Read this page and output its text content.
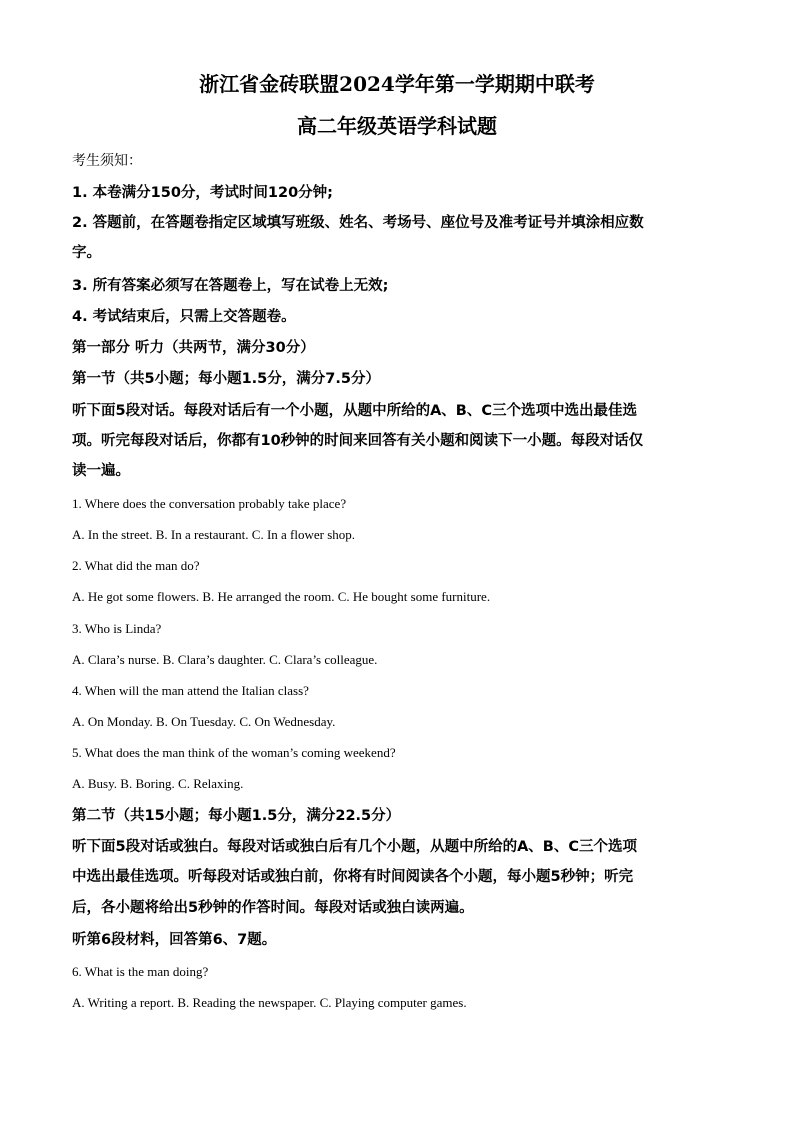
浙江省金砖联盟2024学年第一学期期中联考
高二年级英语学科试题
考生须知：
1. 本卷满分150分，考试时间120分钟;
2. 答题前，在答题卷指定区域填写班级、姓名、考场号、座位号及准考证号并填涂相应数
字。
3. 所有答案必须写在答题卷上，写在试卷上无效;
4. 考试结束后，只需上交答题卷。
第一部分 听力（共两节，满分30分）
第一节（共5小题；每小题1.5分，满分7.5分）
听下面5段对话。每段对话后有一个小题，从题中所给的A、B、C三个选项中选出最佳选
项。听完每段对话后，你都有10秒钟的时间来回答有关小题和阅读下一小题。每段对话仅
读一遍。
1. Where does the conversation probably take place?
A. In the street. B. In a restaurant. C. In a flower shop.
2. What did the man do?
A. He got some flowers. B. He arranged the room. C. He bought some furniture.
3. Who is Linda?
A. Clara’s nurse. B. Clara’s daughter. C. Clara’s colleague.
4. When will the man attend the Italian class?
A. On Monday. B. On Tuesday. C. On Wednesday.
5. What does the man think of the woman’s coming weekend?
A. Busy. B. Boring. C. Relaxing.
第二节（共15小题；每小题1.5分，满分22.5分）
听下面5段对话或独白。每段对话或独白后有几个小题，从题中所给的A、B、C三个选项
中选出最佳选项。听每段对话或独白前，你将有时间阅读各个小题，每小题5秒钟；听完
后，各小题将给出5秒钟的作答时间。每段对话或独白读两遍。
听第6段材料，回答第6、7题。
6. What is the man doing?
A. Writing a report. B. Reading the newspaper. C. Playing computer games.
